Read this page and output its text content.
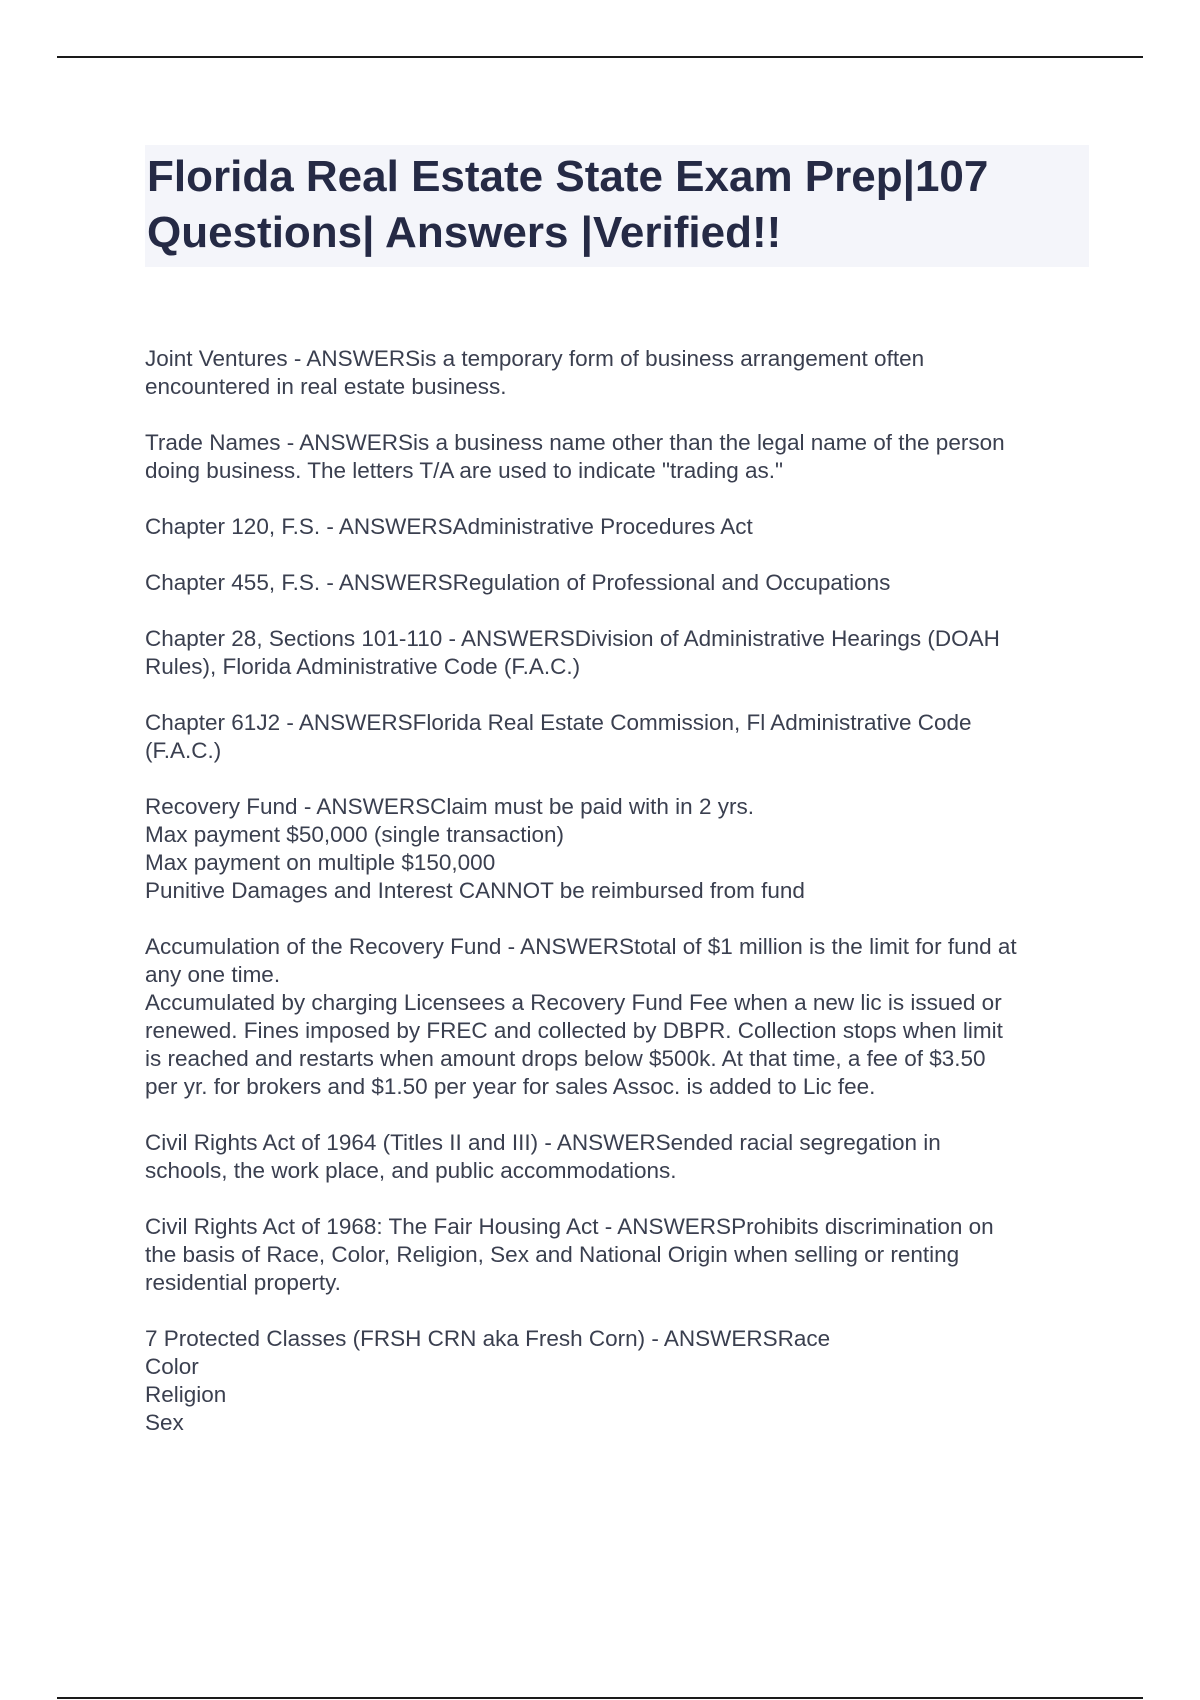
Florida Real Estate State Exam Prep|107 Questions| Answers |Verified!!
Joint Ventures - ANSWERSis a temporary form of business arrangement often
encountered in real estate business.
Trade Names - ANSWERSis a business name other than the legal name of the person
doing business. The letters T/A are used to indicate "trading as."
Chapter 120, F.S. - ANSWERSAdministrative Procedures Act
Chapter 455, F.S. - ANSWERSRegulation of Professional and Occupations
Chapter 28, Sections 101-110 - ANSWERSDivision of Administrative Hearings (DOAH
Rules), Florida Administrative Code (F.A.C.)
Chapter 61J2 - ANSWERSFlorida Real Estate Commission, Fl Administrative Code
(F.A.C.)
Recovery Fund - ANSWERSClaim must be paid with in 2 yrs.
Max payment $50,000 (single transaction)
Max payment on multiple $150,000
Punitive Damages and Interest CANNOT be reimbursed from fund
Accumulation of the Recovery Fund - ANSWERStotal of $1 million is the limit for fund at
any one time.
Accumulated by charging Licensees a Recovery Fund Fee when a new lic is issued or
renewed. Fines imposed by FREC and collected by DBPR. Collection stops when limit
is reached and restarts when amount drops below $500k. At that time, a fee of $3.50
per yr. for brokers and $1.50 per year for sales Assoc. is added to Lic fee.
Civil Rights Act of 1964 (Titles II and III) - ANSWERSended racial segregation in
schools, the work place, and public accommodations.
Civil Rights Act of 1968: The Fair Housing Act - ANSWERSProhibits discrimination on
the basis of Race, Color, Religion, Sex and National Origin when selling or renting
residential property.
7 Protected Classes (FRSH CRN aka Fresh Corn) - ANSWERSRace
Color
Religion
Sex
